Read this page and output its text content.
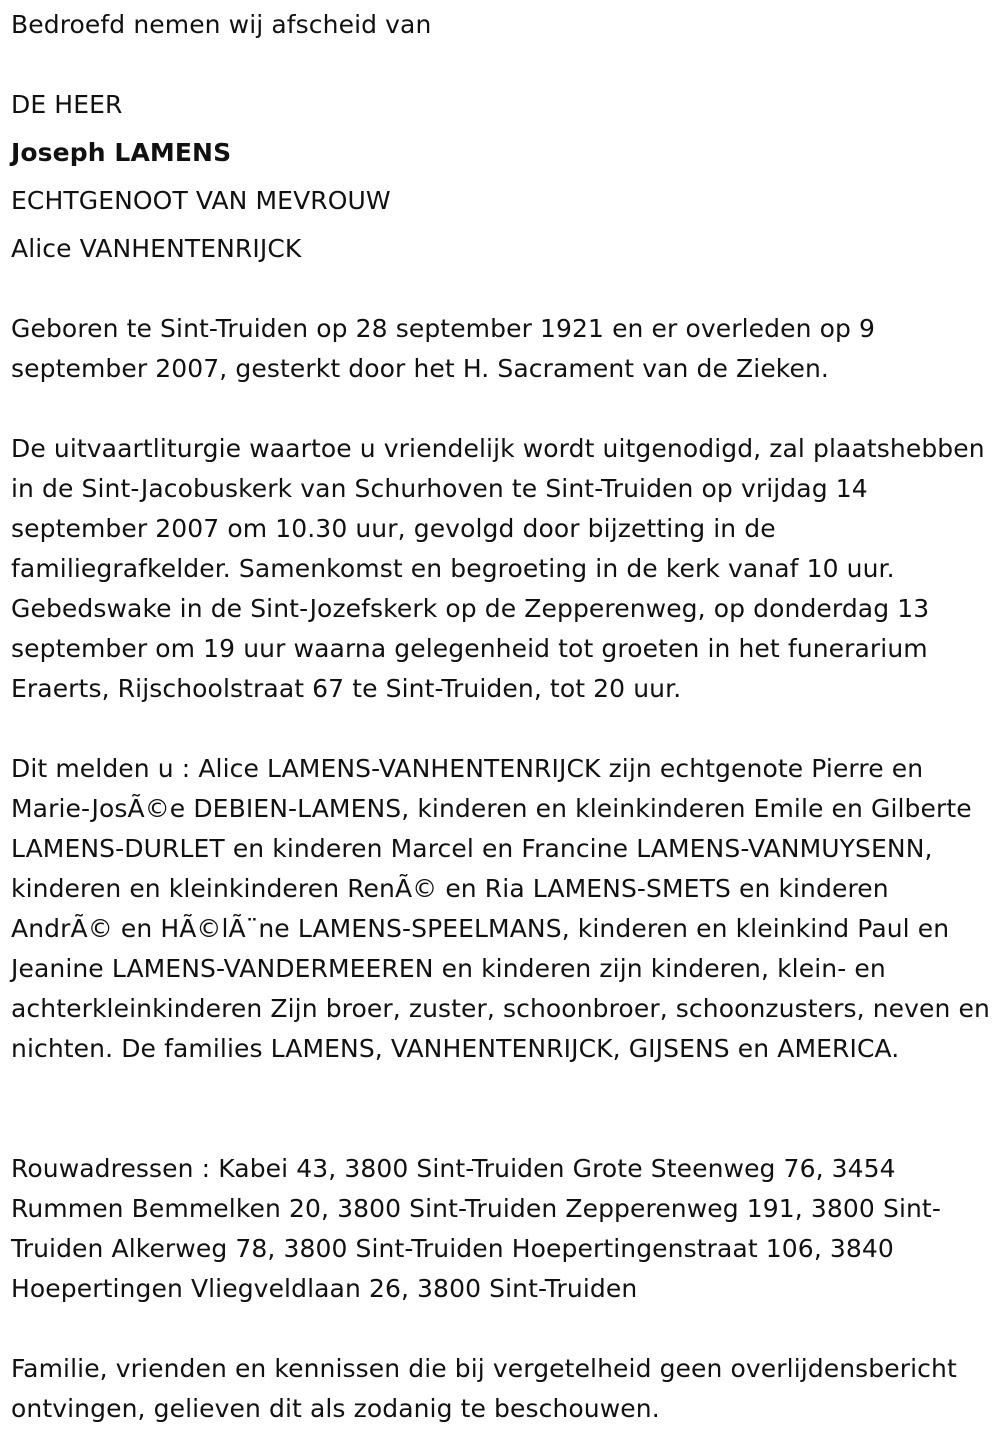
Bedroefd nemen wij afscheid van
DE HEER
Joseph LAMENS
ECHTGENOOT VAN MEVROUW
Alice VANHENTENRIJCK
Geboren te Sint-Truiden op 28 september 1921 en er overleden op 9 september 2007, gesterkt door het H. Sacrament van de Zieken.
De uitvaartliturgie waartoe u vriendelijk wordt uitgenodigd, zal plaatshebben in de Sint-Jacobuskerk van Schurhoven te Sint-Truiden op vrijdag 14 september 2007 om 10.30 uur, gevolgd door bijzetting in de familiegrafkelder. Samenkomst en begroeting in de kerk vanaf 10 uur. Gebedswake in de Sint-Jozefskerk op de Zepperenweg, op donderdag 13 september om 19 uur waarna gelegenheid tot groeten in het funerarium Eraerts, Rijschoolstraat 67 te Sint-Truiden, tot 20 uur.
Dit melden u : Alice LAMENS-VANHENTENRIJCK zijn echtgenote Pierre en Marie-JosÃ©e DEBIEN-LAMENS, kinderen en kleinkinderen Emile en Gilberte LAMENS-DURLET en kinderen Marcel en Francine LAMENS-VANMUYSENN, kinderen en kleinkinderen RenÃ© en Ria LAMENS-SMETS en kinderen AndrÃ© en HÃ©lÃ¨ne LAMENS-SPEELMANS, kinderen en kleinkind Paul en Jeanine LAMENS-VANDERMEEREN en kinderen zijn kinderen, klein- en achterkleinkinderen Zijn broer, zuster, schoonbroer, schoonzusters, neven en nichten. De families LAMENS, VANHENTENRIJCK, GIJSENS en AMERICA.
Rouwadressen : Kabei 43, 3800 Sint-Truiden Grote Steenweg 76, 3454 Rummen Bemmelken 20, 3800 Sint-Truiden Zepperenweg 191, 3800 Sint-Truiden Alkerweg 78, 3800 Sint-Truiden Hoepertingenstraat 106, 3840 Hoepertingen Vliegveldlaan 26, 3800 Sint-Truiden
Familie, vrienden en kennissen die bij vergetelheid geen overlijdensbericht ontvingen, gelieven dit als zodanig te beschouwen.
